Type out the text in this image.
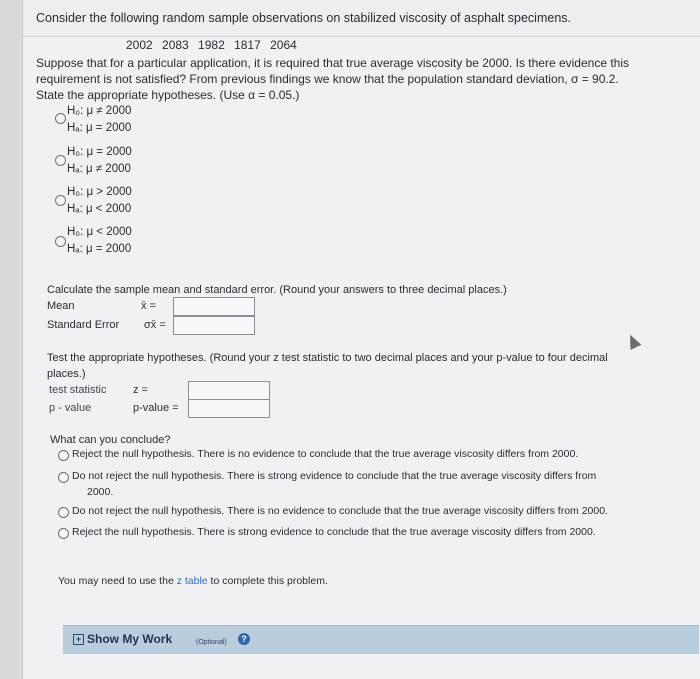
Consider the following random sample observations on stabilized viscosity of asphalt specimens.
2002 2083 1982 1817 2064
Suppose that for a particular application, it is required that true average viscosity be 2000. Is there evidence this
requirement is not satisfied? From previous findings we know that the population standard deviation, σ = 90.2.
State the appropriate hypotheses. (Use α = 0.05.)
H₀: μ ≠ 2000
Hₐ: μ = 2000
H₀: μ = 2000
Hₐ: μ ≠ 2000
H₀: μ > 2000
Hₐ: μ < 2000
H₀: μ < 2000
Hₐ: μ = 2000
Calculate the sample mean and standard error. (Round your answers to three decimal places.)
Mean	x̄ =
Standard Error σx̄ =
Test the appropriate hypotheses. (Round your z test statistic to two decimal places and your p-value to four decimal
places.)
test statistic z =
p - value	p-value =
What can you conclude?
Reject the null hypothesis. There is no evidence to conclude that the true average viscosity differs from 2000.
Do not reject the null hypothesis. There is strong evidence to conclude that the true average viscosity differs from
2000.
Do not reject the null hypothesis. There is no evidence to conclude that the true average viscosity differs from 2000.
Reject the null hypothesis. There is strong evidence to conclude that the true average viscosity differs from 2000.
You may need to use the z table to complete this problem.
+ Show My Work	(Optional)	?
